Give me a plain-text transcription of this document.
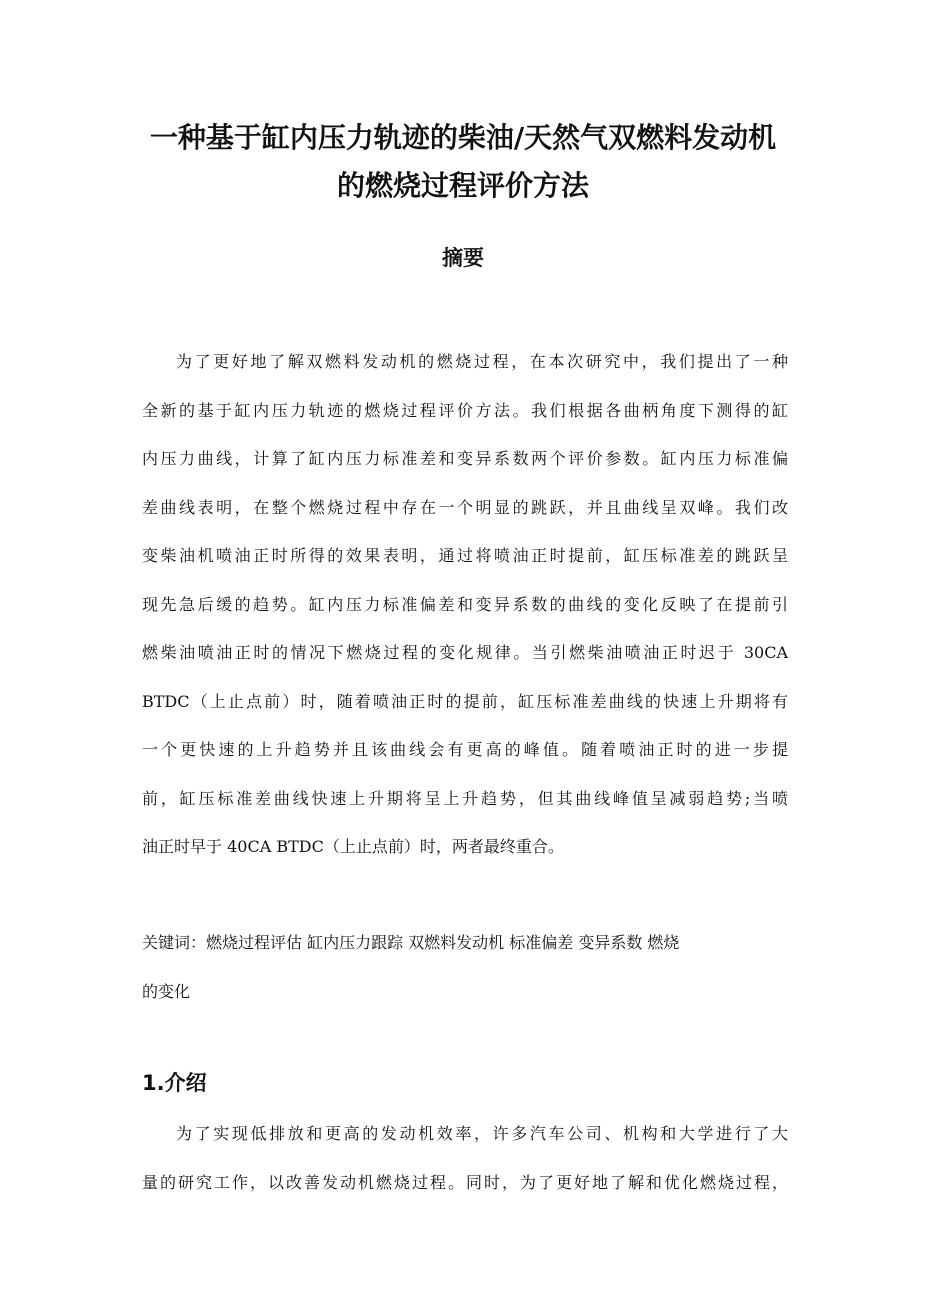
一种基于缸内压力轨迹的柴油/天然气双燃料发动机
的燃烧过程评价方法
摘要

为了更好地了解双燃料发动机的燃烧过程，在本次研究中，我们提出了一种
全新的基于缸内压力轨迹的燃烧过程评价方法。我们根据各曲柄角度下测得的缸
内压力曲线，计算了缸内压力标准差和变异系数两个评价参数。缸内压力标准偏
差曲线表明，在整个燃烧过程中存在一个明显的跳跃，并且曲线呈双峰。我们改
变柴油机喷油正时所得的效果表明，通过将喷油正时提前，缸压标准差的跳跃呈
现先急后缓的趋势。缸内压力标准偏差和变异系数的曲线的变化反映了在提前引
燃柴油喷油正时的情况下燃烧过程的变化规律。当引燃柴油喷油正时迟于 30CA
BTDC（上止点前）时，随着喷油正时的提前，缸压标准差曲线的快速上升期将有
一个更快速的上升趋势并且该曲线会有更高的峰值。随着喷油正时的进一步提
前，缸压标准差曲线快速上升期将呈上升趋势，但其曲线峰值呈减弱趋势;当喷
油正时早于 40CA BTDC（上止点前）时，两者最终重合。

关键词：燃烧过程评估 缸内压力跟踪 双燃料发动机 标准偏差 变异系数 燃烧
的变化

1.介绍

为了实现低排放和更高的发动机效率，许多汽车公司、机构和大学进行了大
量的研究工作，以改善发动机燃烧过程。同时，为了更好地了解和优化燃烧过程，
